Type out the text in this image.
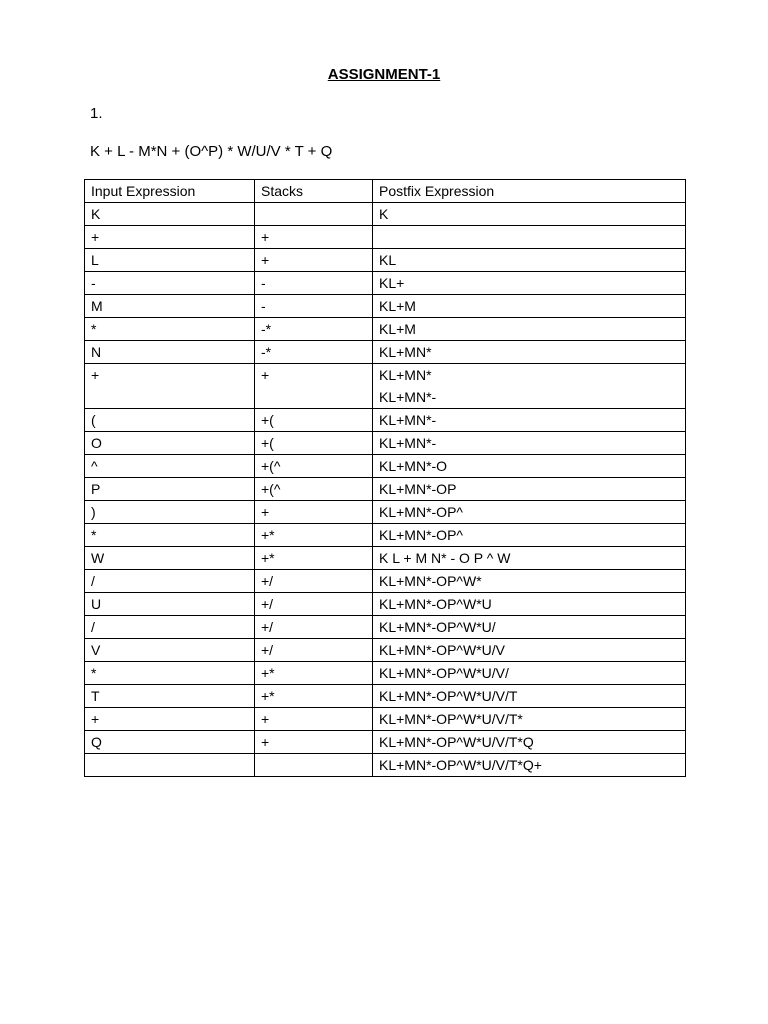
ASSIGNMENT-1
1.
K + L - M*N + (O^P) * W/U/V * T + Q
Input Expression	Stacks	Postfix Expression
K		K
+	+	
L	+	KL
-	-	KL+
M	-	KL+M
*	-*	KL+M
N	-*	KL+MN*
+	+	KL+MN*
KL+MN*-
(	+(	KL+MN*-
O	+(	KL+MN*-
^	+(^	KL+MN*-O
P	+(^	KL+MN*-OP
)	+	KL+MN*-OP^
*	+*	KL+MN*-OP^
W	+*	K L + M N* - O P ^ W
/	+/	KL+MN*-OP^W*
U	+/	KL+MN*-OP^W*U
/	+/	KL+MN*-OP^W*U/
V	+/	KL+MN*-OP^W*U/V
*	+*	KL+MN*-OP^W*U/V/
T	+*	KL+MN*-OP^W*U/V/T
+	+	KL+MN*-OP^W*U/V/T*
Q	+	KL+MN*-OP^W*U/V/T*Q
		KL+MN*-OP^W*U/V/T*Q+
